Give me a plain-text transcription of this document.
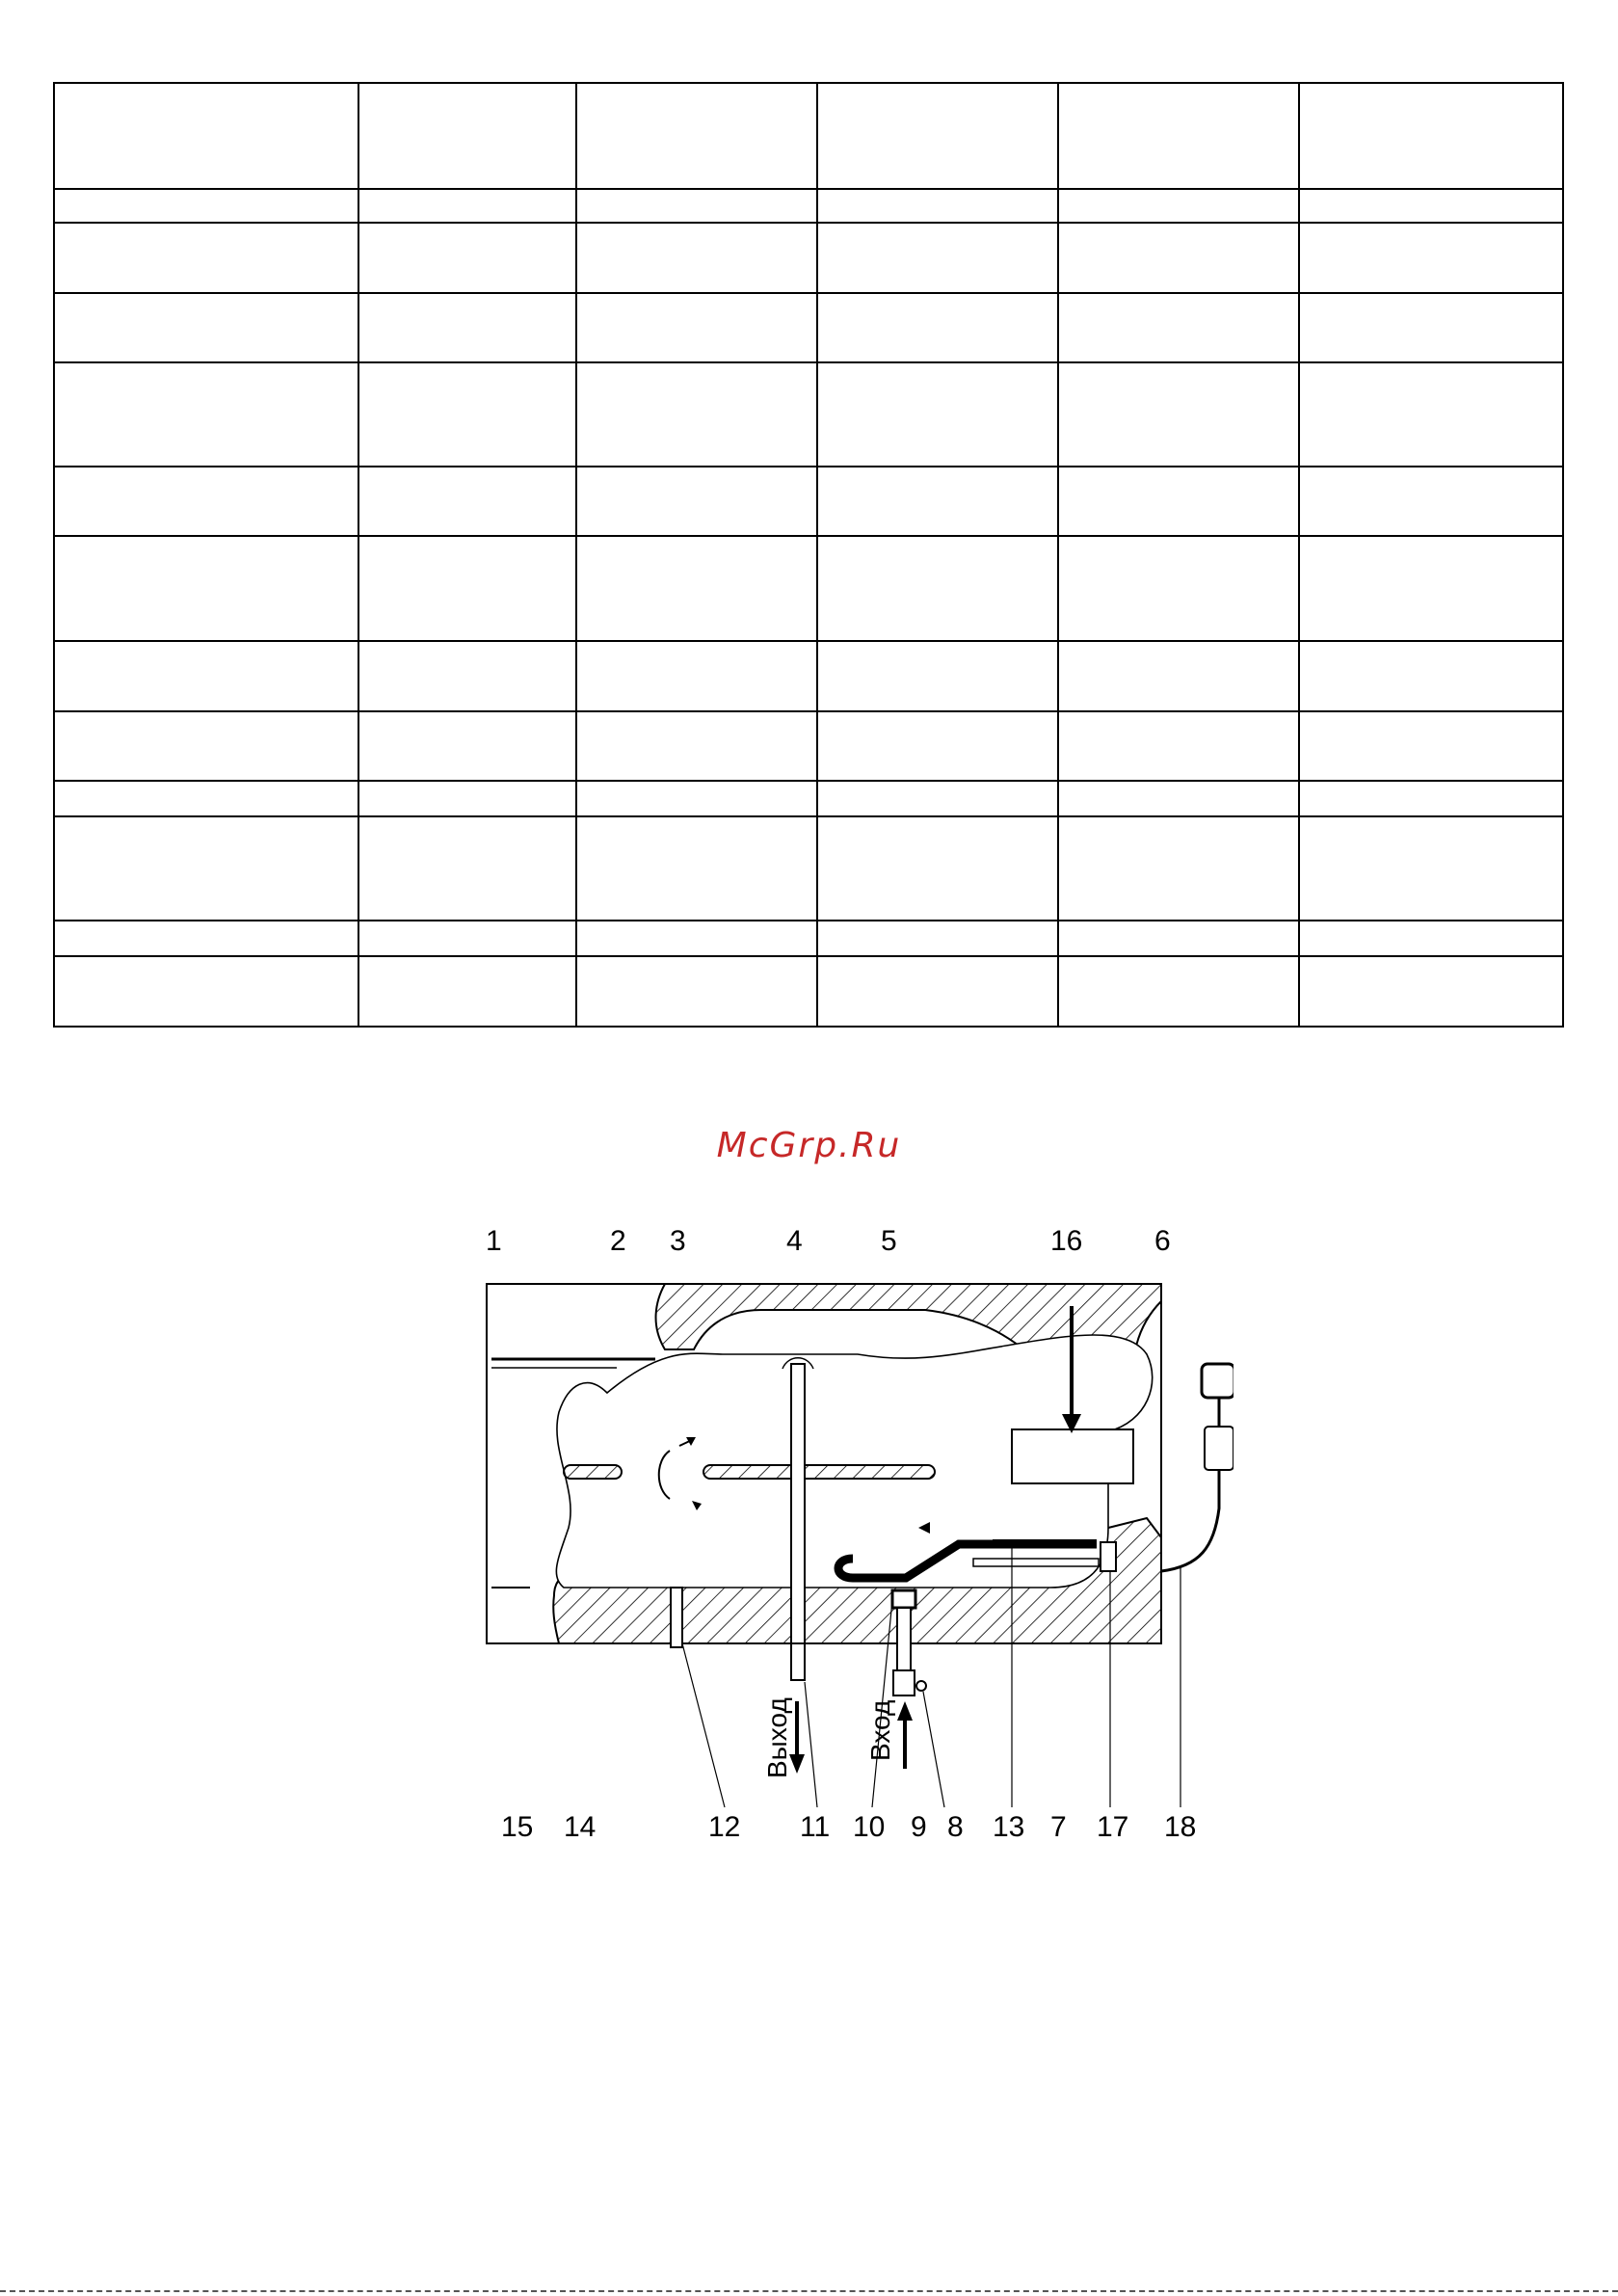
McGrp.Ru
Выход	Вход
1	2 3	4	5	16 6
15 14	12 11 10 9 8 13 7 17 18
